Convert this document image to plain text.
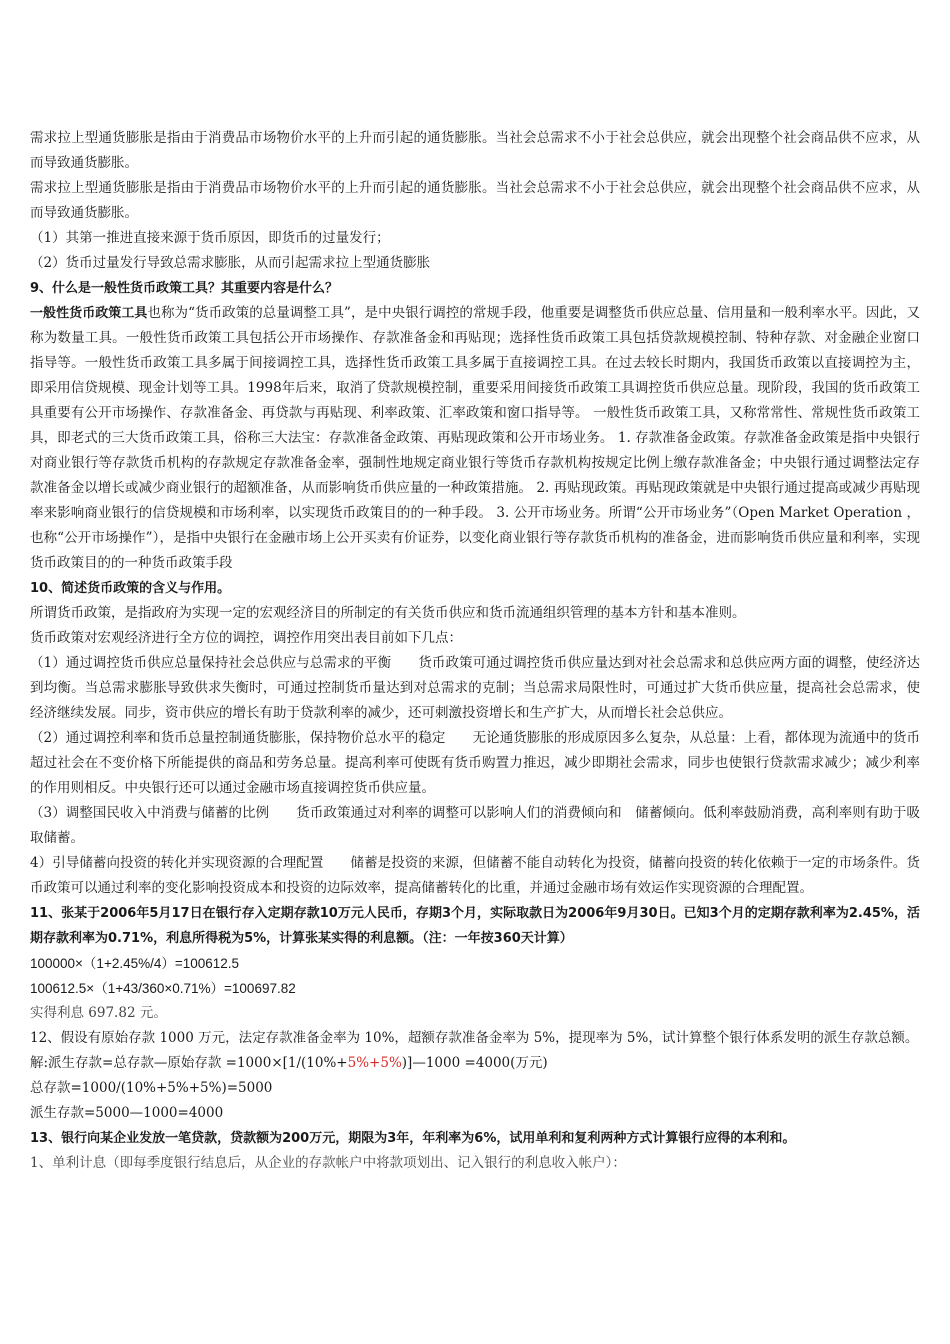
需求拉上型通货膨胀是指由于消费品市场物价水平的上升而引起的通货膨胀。当社会总需求不小于社会总供应，就会出现整个社会商品供不应求，从而导致通货膨胀。

需求拉上型通货膨胀是指由于消费品市场物价水平的上升而引起的通货膨胀。当社会总需求不小于社会总供应，就会出现整个社会商品供不应求，从而导致通货膨胀。

（1）其第一推进直接来源于货币原因，即货币的过量发行；

（2）货币过量发行导致总需求膨胀，从而引起需求拉上型通货膨胀

9、什么是一般性货币政策工具？其重要内容是什么？

一般性货币政策工具也称为“货币政策的总量调整工具”，是中央银行调控的常规手段，他重要是调整货币供应总量、信用量和一般利率水平。因此，又称为数量工具。一般性货币政策工具包括公开市场操作、存款准备金和再贴现；选择性货币政策工具包括贷款规模控制、特种存款、对金融企业窗口指导等。一般性货币政策工具多属于间接调控工具，选择性货币政策工具多属于直接调控工具。在过去较长时期内，我国货币政策以直接调控为主，即采用信贷规模、现金计划等工具。1998年后来，取消了贷款规模控制，重要采用间接货币政策工具调控货币供应总量。现阶段，我国的货币政策工具重要有公开市场操作、存款准备金、再贷款与再贴现、利率政策、汇率政策和窗口指导等。 一般性货币政策工具，又称常常性、常规性货币政策工具，即老式的三大货币政策工具，俗称三大法宝：存款准备金政策、再贴现政策和公开市场业务。 1. 存款准备金政策。存款准备金政策是指中央银行对商业银行等存款货币机构的存款规定存款准备金率，强制性地规定商业银行等货币存款机构按规定比例上缴存款准备金；中央银行通过调整法定存款准备金以增长或减少商业银行的超额准备，从而影响货币供应量的一种政策措施。 2. 再贴现政策。再贴现政策就是中央银行通过提高或减少再贴现率来影响商业银行的信贷规模和市场利率，以实现货币政策目的的一种手段。 3. 公开市场业务。所谓“公开市场业务”（Open Market Operation ，也称“公开市场操作”），是指中央银行在金融市场上公开买卖有价证券，以变化商业银行等存款货币机构的准备金，进而影响货币供应量和利率，实现货币政策目的的一种货币政策手段

10、简述货币政策的含义与作用。

所谓货币政策，是指政府为实现一定的宏观经济目的所制定的有关货币供应和货币流通组织管理的基本方针和基本准则。

货币政策对宏观经济进行全方位的调控，调控作用突出表目前如下几点：

（1）通过调控货币供应总量保持社会总供应与总需求的平衡　　货币政策可通过调控货币供应量达到对社会总需求和总供应两方面的调整，使经济达到均衡。当总需求膨胀导致供求失衡时，可通过控制货币量达到对总需求的克制；当总需求局限性时，可通过扩大货币供应量，提高社会总需求，使经济继续发展。同步，资市供应的增长有助于贷款利率的减少，还可刺激投资增长和生产扩大，从而增长社会总供应。

（2）通过调控利率和货币总量控制通货膨胀，保持物价总水平的稳定　　无论通货膨胀的形成原因多么复杂，从总量：上看，都体现为流通中的货币超过社会在不变价格下所能提供的商品和劳务总量。提高利率可使既有货币购置力推迟，减少即期社会需求，同步也使银行贷款需求减少；减少利率的作用则相反。中央银行还可以通过金融市场直接调控货币供应量。

（3）调整国民收入中消费与储蓄的比例　　货币政策通过对利率的调整可以影响人们的消费倾向和　储蓄倾向。低利率鼓励消费，高利率则有助于吸取储蓄。

4）引导储蓄向投资的转化并实现资源的合理配置　　储蓄是投资的来源，但储蓄不能自动转化为投资，储蓄向投资的转化依赖于一定的市场条件。货币政策可以通过利率的变化影响投资成本和投资的边际效率，提高储蓄转化的比重，并通过金融市场有效运作实现资源的合理配置。

11、张某于2006年5月17日在银行存入定期存款10万元人民币，存期3个月，实际取款日为2006年9月30日。已知3个月的定期存款利率为2.45%，活期存款利率为0.71%，利息所得税为5%，计算张某实得的利息额。（注：一年按360天计算）

100000×（1+2.45%/4）=100612.5

100612.5×（1+43/360×0.71%）=100697.82

实得利息 697.82 元。

12、假设有原始存款 1000 万元，法定存款准备金率为 10%，超额存款准备金率为 5%，提现率为 5%，试计算整个银行体系发明的派生存款总额。

解:派生存款=总存款—原始存款 =1000×[1/(10%+5%+5%)]—1000 =4000(万元)

总存款=1000/(10%+5%+5%)=5000

派生存款=5000—1000=4000

13、银行向某企业发放一笔贷款，贷款额为200万元，期限为3年，年利率为6%，试用单利和复利两种方式计算银行应得的本利和。

1、单利计息（即每季度银行结息后，从企业的存款帐户中将款项划出、记入银行的利息收入帐户）：
